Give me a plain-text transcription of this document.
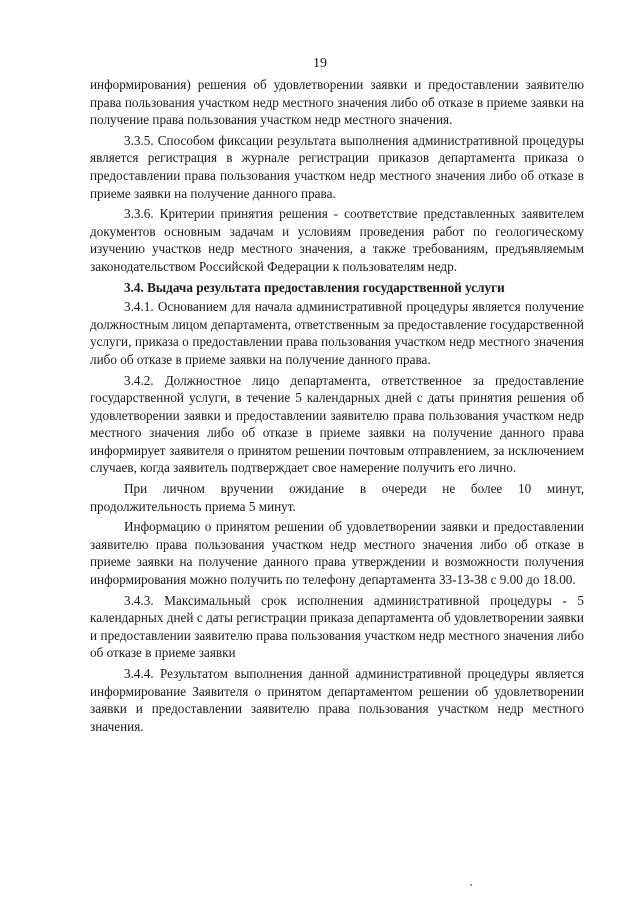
19

информирования) решения об удовлетворении заявки и предоставлении заявителю права пользования участком недр местного значения либо об отказе в приеме заявки на получение права пользования участком недр местного значения.

3.3.5. Способом фиксации результата выполнения административной процедуры является регистрация в журнале регистрации приказов департамента приказа о предоставлении права пользования участком недр местного значения либо об отказе в приеме заявки на получение данного права.

3.3.6. Критерии принятия решения - соответствие представленных заявителем документов основным задачам и условиям проведения работ по геологическому изучению участков недр местного значения, а также требованиям, предъявляемым законодательством Российской Федерации к пользователям недр.

3.4. Выдача результата предоставления государственной услуги

3.4.1. Основанием для начала административной процедуры является получение должностным лицом департамента, ответственным за предоставление государственной услуги, приказа о предоставлении права пользования участком недр местного значения либо об отказе в приеме заявки на получение данного права.

3.4.2. Должностное лицо департамента, ответственное за предоставление государственной услуги, в течение 5 календарных дней с даты принятия решения об удовлетворении заявки и предоставлении заявителю права пользования участком недр местного значения либо об отказе в приеме заявки на получение данного права информирует заявителя о принятом решении почтовым отправлением, за исключением случаев, когда заявитель подтверждает свое намерение получить его лично.

При личном вручении ожидание в очереди не более 10 минут, продолжительность приема 5 минут.

Информацию о принятом решении об удовлетворении заявки и предоставлении заявителю права пользования участком недр местного значения либо об отказе в приеме заявки на получение данного права утверждении и возможности получения информирования можно получить по телефону департамента 33-13-38 с 9.00 до 18.00.

3.4.3. Максимальный срок исполнения административной процедуры - 5 календарных дней с даты регистрации приказа департамента об удовлетворении заявки и предоставлении заявителю права пользования участком недр местного значения либо об отказе в приеме заявки

3.4.4. Результатом выполнения данной административной процедуры является информирование Заявителя о принятом департаментом решении об удовлетворении заявки и предоставлении заявителю права пользования участком недр местного значения.
